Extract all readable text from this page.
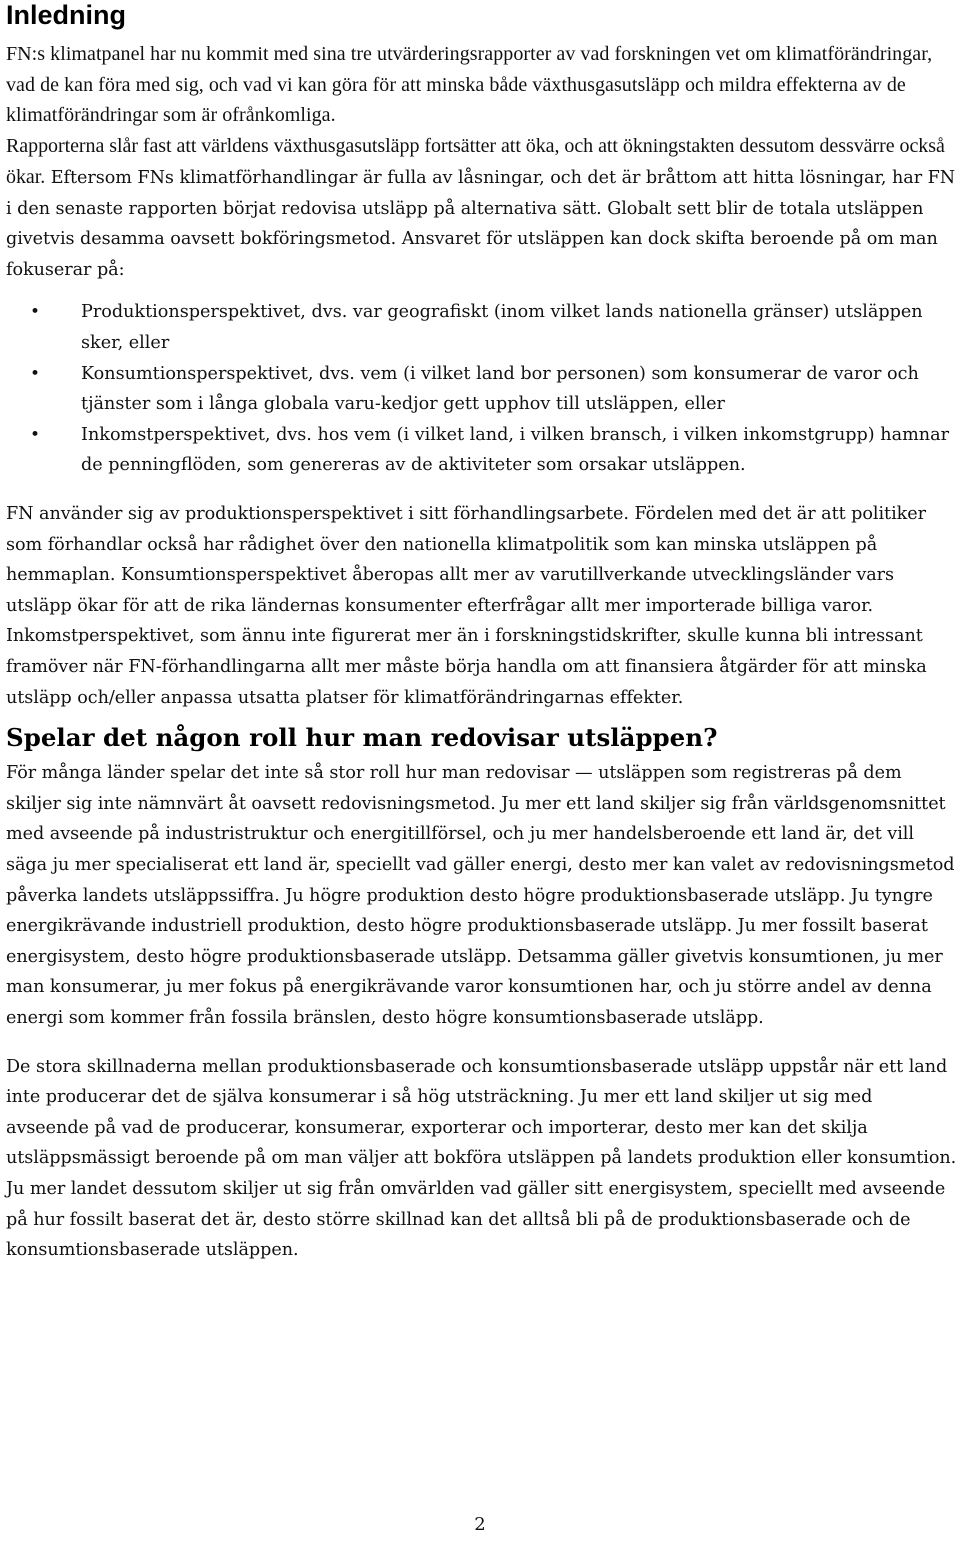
Inledning

FN:s klimatpanel har nu kommit med sina tre utvärderingsrapporter av vad forskningen vet om klimatförändringar, vad de kan föra med sig, och vad vi kan göra för att minska både växthusgasutsläpp och mildra effekterna av de klimatförändringar som är ofrånkomliga.

Rapporterna slår fast att världens växthusgasutsläpp fortsätter att öka, och att ökningstakten dessutom dessvärre också ökar. Eftersom FNs klimatförhandlingar är fulla av låsningar, och det är bråttom att hitta lösningar, har FN i den senaste rapporten börjat redovisa utsläpp på alternativa sätt. Globalt sett blir de totala utsläppen givetvis desamma oavsett bokföringsmetod. Ansvaret för utsläppen kan dock skifta beroende på om man fokuserar på:

• Produktionsperspektivet, dvs. var geografiskt (inom vilket lands nationella gränser) utsläppen sker, eller
• Konsumtionsperspektivet, dvs. vem (i vilket land bor personen) som konsumerar de varor och tjänster som i långa globala varu-kedjor gett upphov till utsläppen, eller
• Inkomstperspektivet, dvs. hos vem (i vilket land, i vilken bransch, i vilken inkomstgrupp) hamnar de penningflöden, som genereras av de aktiviteter som orsakar utsläppen.

FN använder sig av produktionsperspektivet i sitt förhandlingsarbete. Fördelen med det är att politiker som förhandlar också har rådighet över den nationella klimatpolitik som kan minska utsläppen på hemmaplan. Konsumtionsperspektivet åberopas allt mer av varutillverkande utvecklingsländer vars utsläpp ökar för att de rika ländernas konsumenter efterfrågar allt mer importerade billiga varor. Inkomstperspektivet, som ännu inte figurerat mer än i forskningstidskrifter, skulle kunna bli intressant framöver när FN-förhandlingarna allt mer måste börja handla om att finansiera åtgärder för att minska utsläpp och/eller anpassa utsatta platser för klimatförändringarnas effekter.

Spelar det någon roll hur man redovisar utsläppen?

För många länder spelar det inte så stor roll hur man redovisar — utsläppen som registreras på dem skiljer sig inte nämnvärt åt oavsett redovisningsmetod. Ju mer ett land skiljer sig från världsgenomsnittet med avseende på industristruktur och energitillförsel, och ju mer handelsberoende ett land är, det vill säga ju mer specialiserat ett land är, speciellt vad gäller energi, desto mer kan valet av redovisningsmetod påverka landets utsläppssiffra. Ju högre produktion desto högre produktionsbaserade utsläpp. Ju tyngre energikrävande industriell produktion, desto högre produktionsbaserade utsläpp. Ju mer fossilt baserat energisystem, desto högre produktionsbaserade utsläpp. Detsamma gäller givetvis konsumtionen, ju mer man konsumerar, ju mer fokus på energikrävande varor konsumtionen har, och ju större andel av denna energi som kommer från fossila bränslen, desto högre konsumtionsbaserade utsläpp.

De stora skillnaderna mellan produktionsbaserade och konsumtionsbaserade utsläpp uppstår när ett land inte producerar det de själva konsumerar i så hög utsträckning. Ju mer ett land skiljer ut sig med avseende på vad de producerar, konsumerar, exporterar och importerar, desto mer kan det skilja utsläppsmässigt beroende på om man väljer att bokföra utsläppen på landets produktion eller konsumtion. Ju mer landet dessutom skiljer ut sig från omvärlden vad gäller sitt energisystem, speciellt med avseende på hur fossilt baserat det är, desto större skillnad kan det alltså bli på de produktionsbaserade och de konsumtionsbaserade utsläppen.

2
